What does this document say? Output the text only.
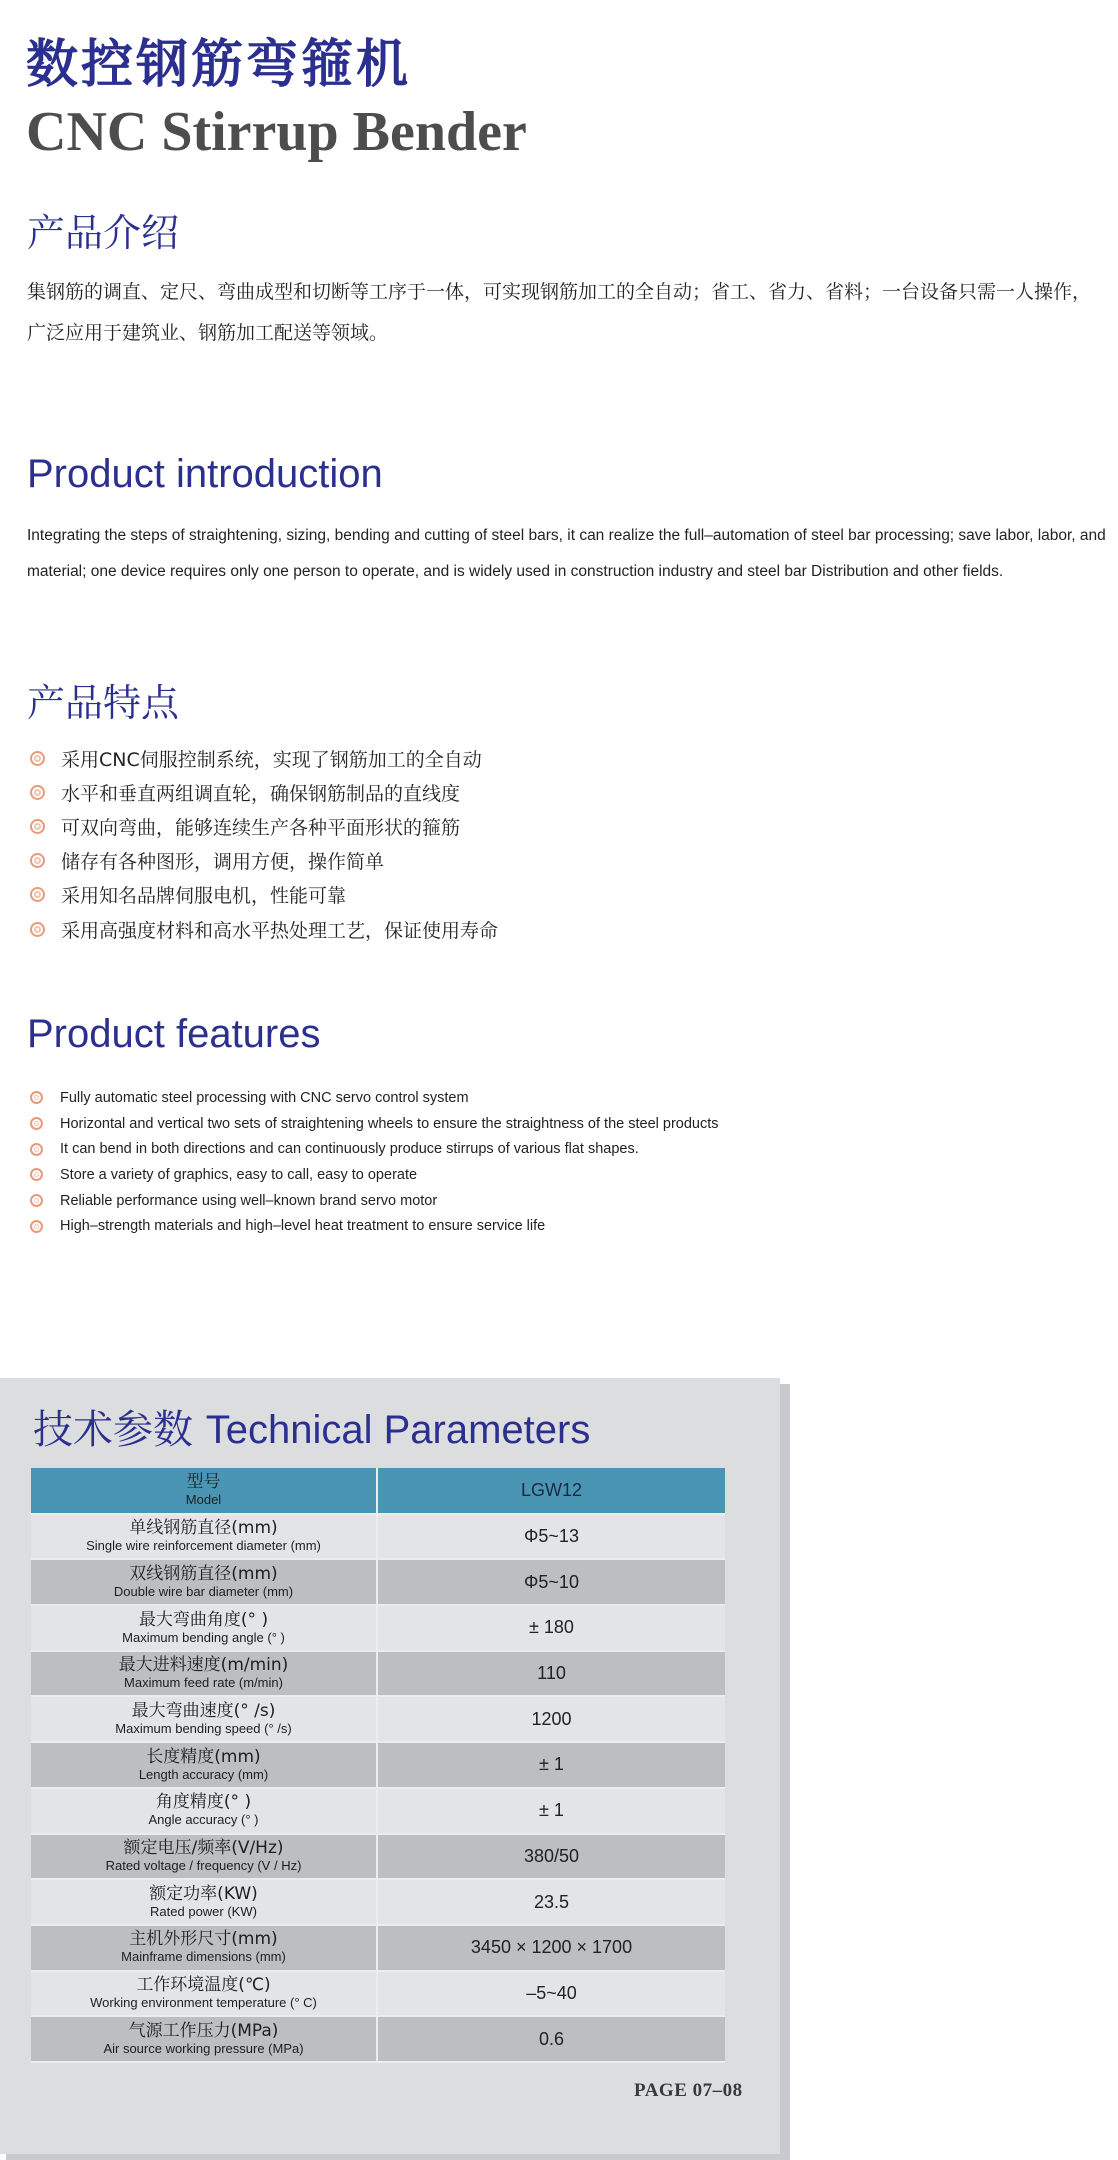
数控钢筋弯箍机
CNC Stirrup Bender
产品介绍
集钢筋的调直、定尺、弯曲成型和切断等工序于一体，可实现钢筋加工的全自动；省工、省力、省料；一台设备只需一人操作，广泛应用于建筑业、钢筋加工配送等领域。
Product introduction
Integrating the steps of straightening, sizing, bending and cutting of steel bars, it can realize the full–automation of steel bar processing; save labor, labor, and material; one device requires only one person to operate, and is widely used in construction industry and steel bar Distribution and other fields.
产品特点
采用CNC伺服控制系统，实现了钢筋加工的全自动
水平和垂直两组调直轮，确保钢筋制品的直线度
可双向弯曲，能够连续生产各种平面形状的箍筋
储存有各种图形，调用方便，操作简单
采用知名品牌伺服电机，性能可靠
采用高强度材料和高水平热处理工艺，保证使用寿命
Product features
Fully automatic steel processing with CNC servo control system
Horizontal and vertical two sets of straightening wheels to ensure the straightness of the steel products
It can bend in both directions and can continuously produce stirrups of various flat shapes.
Store a variety of graphics, easy to call, easy to operate
Reliable performance using well–known brand servo motor
High–strength materials and high–level heat treatment to ensure service life
技术参数 Technical Parameters
型号
Model	LGW12

单线钢筋直径(mm)
Single wire reinforcement diameter (mm)	Φ5~13

双线钢筋直径(mm)
Double wire bar diameter (mm)	Φ5~10

最大弯曲角度(° )
Maximum bending angle (° )	± 180

最大进料速度(m/min)
Maximum feed rate (m/min)	110

最大弯曲速度(° /s)
Maximum bending speed (° /s)	1200

长度精度(mm)
Length accuracy (mm)	± 1

角度精度(° )
Angle accuracy (° )	± 1

额定电压/频率(V/Hz)
Rated voltage / frequency (V / Hz)	380/50

额定功率(KW)
Rated power (KW)	23.5

主机外形尺寸(mm)
Mainframe dimensions (mm)	3450 × 1200 × 1700

工作环境温度(℃)
Working environment temperature (° C)	–5~40

气源工作压力(MPa)
Air source working pressure (MPa)	0.6
PAGE 07–08
